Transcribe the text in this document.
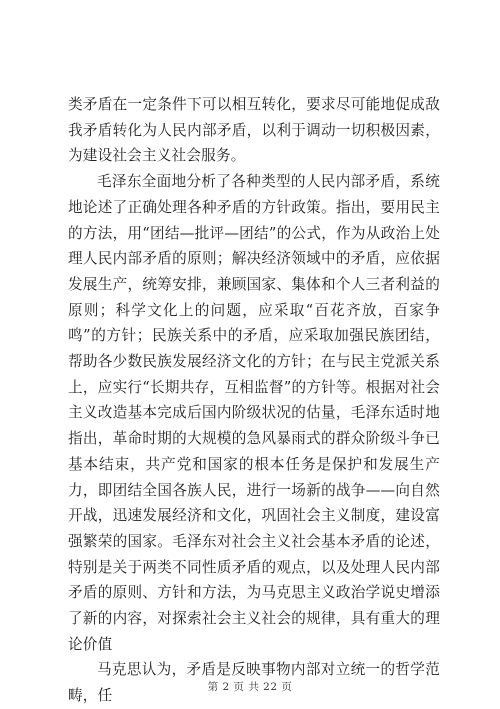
类矛盾在一定条件下可以相互转化，要求尽可能地促成敌我矛盾转化为人民内部矛盾，以利于调动一切积极因素，为建设社会主义社会服务。

毛泽东全面地分析了各种类型的人民内部矛盾，系统地论述了正确处理各种矛盾的方针政策。指出，要用民主的方法，用“团结—批评—团结”的公式，作为从政治上处理人民内部矛盾的原则；解决经济领域中的矛盾，应依据发展生产，统筹安排，兼顾国家、集体和个人三者利益的原则；科学文化上的问题，应采取“百花齐放，百家争鸣”的方针；民族关系中的矛盾，应采取加强民族团结，帮助各少数民族发展经济文化的方针；在与民主党派关系上，应实行“长期共存，互相监督”的方针等。根据对社会主义改造基本完成后国内阶级状况的估量，毛泽东适时地指出，革命时期的大规模的急风暴雨式的群众阶级斗争已基本结束，共产党和国家的根本任务是保护和发展生产力，即团结全国各族人民，进行一场新的战争——向自然开战，迅速发展经济和文化，巩固社会主义制度，建设富强繁荣的国家。毛泽东对社会主义社会基本矛盾的论述，特别是关于两类不同性质矛盾的观点，以及处理人民内部矛盾的原则、方针和方法，为马克思主义政治学说史增添了新的内容，对探索社会主义社会的规律，具有重大的理论价值

马克思认为，矛盾是反映事物内部对立统一的哲学范畴，任

第 2 页 共 22 页
